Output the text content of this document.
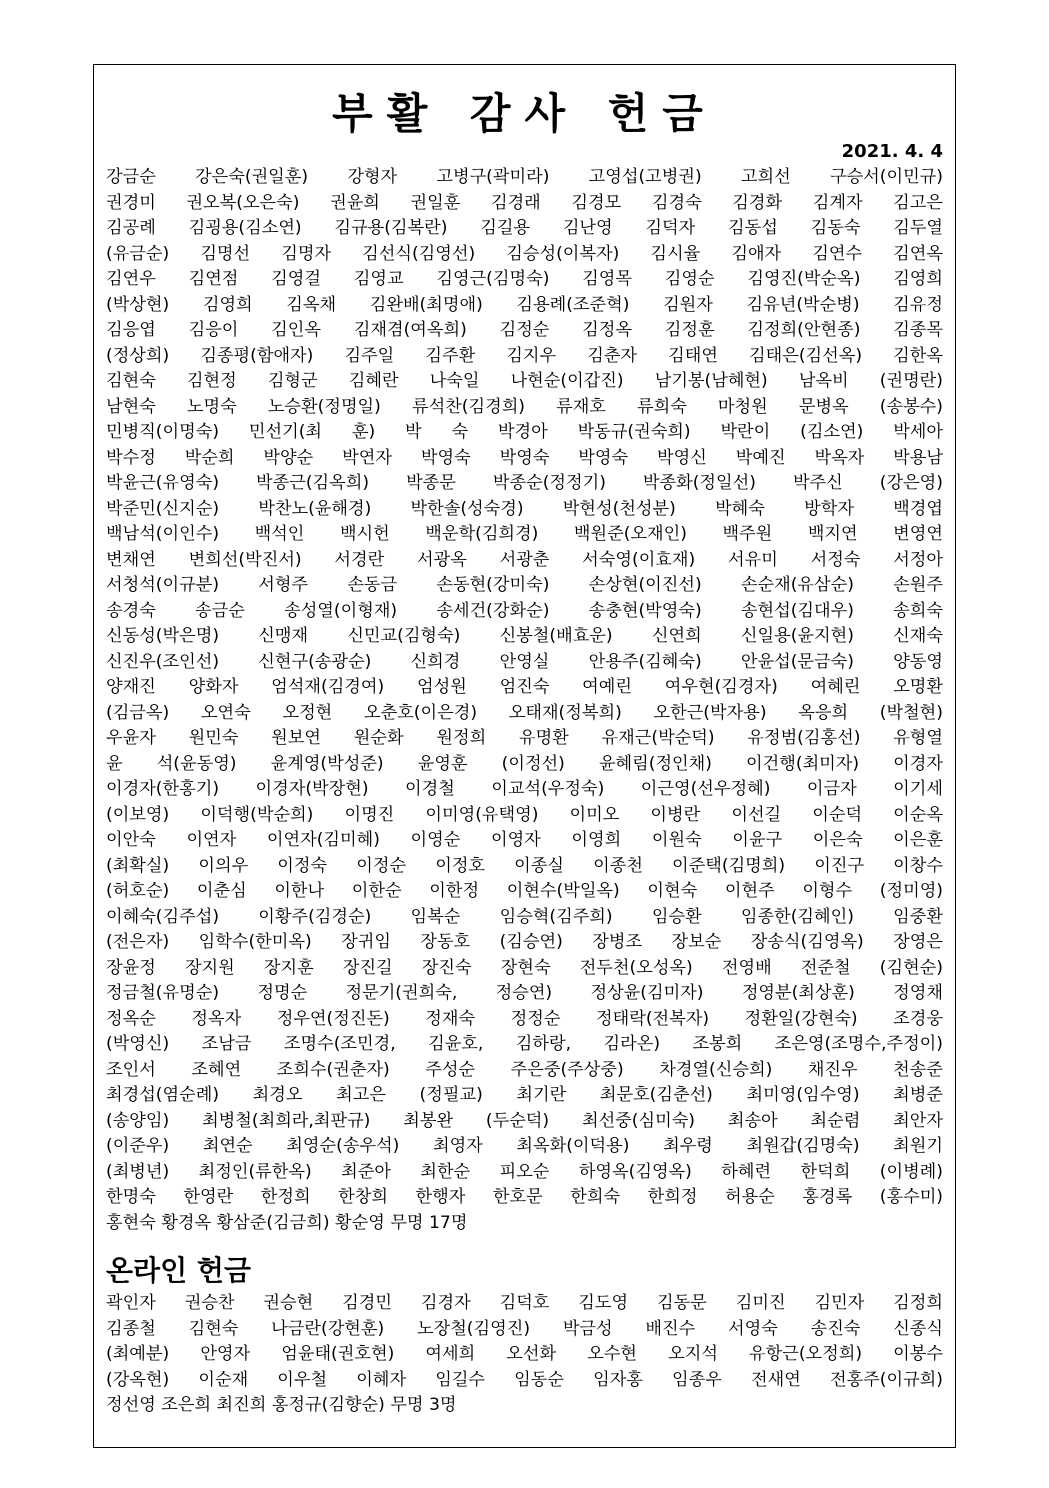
부활 감사 헌금
2021. 4. 4
강금순 강은숙(권일훈) 강형자 고병구(곽미라) 고영섭(고병권) 고희선 구승서(이민규)
권경미 권오복(오은숙) 권윤희 권일훈 김경래 김경모 김경숙 김경화 김계자 김고은
김공례 김굉용(김소연) 김규용(김복란) 김길용 김난영 김덕자 김동섭 김동숙 김두열
(유금순) 김명선 김명자 김선식(김영선) 김승성(이복자) 김시율 김애자 김연수 김연옥
김연우 김연점 김영걸 김영교 김영근(김명숙) 김영목 김영순 김영진(박순옥) 김영희
(박상현) 김영희 김옥채 김완배(최명애) 김용례(조준혁) 김원자 김유년(박순병) 김유정
김응엽 김응이 김인옥 김재겸(여옥희) 김정순 김정옥 김정훈 김정희(안현종) 김종목
(정상희) 김종평(함애자) 김주일 김주환 김지우 김춘자 김태연 김태은(김선옥) 김한옥
김현숙 김현정 김형군 김혜란 나숙일 나현순(이갑진) 남기봉(남혜현) 남옥비 (권명란)
남현숙 노명숙 노승환(정명일) 류석찬(김경희) 류재호 류희숙 마청원 문병옥 (송봉수)
민병직(이명숙) 민선기(최 훈) 박 숙 박경아 박동규(권숙희) 박란이 (김소연) 박세아
박수정 박순희 박양순 박연자 박영숙 박영숙 박영숙 박영신 박예진 박옥자 박용남
박윤근(유영숙) 박종근(김옥희) 박종문 박종순(정정기) 박종화(정일선) 박주신 (강은영)
박준민(신지순) 박찬노(윤해경) 박한솔(성숙경) 박현성(천성분) 박혜숙 방학자 백경엽
백남석(이인수) 백석인 백시헌 백운학(김희경) 백원준(오재인) 백주원 백지연 변영연
변채연 변희선(박진서) 서경란 서광옥 서광춘 서숙영(이효재) 서유미 서정숙 서정아
서청석(이규분) 서형주 손동금 손동현(강미숙) 손상현(이진선) 손순재(유삼순) 손원주
송경숙 송금순 송성열(이형재) 송세건(강화순) 송충현(박영숙) 송현섭(김대우) 송희숙
신동성(박은명) 신맹재 신민교(김형숙) 신봉철(배효운) 신연희 신일용(윤지현) 신재숙
신진우(조인선) 신현구(송광순) 신희경 안영실 안용주(김혜숙) 안윤섭(문금숙) 양동영
양재진 양화자 엄석재(김경여) 엄성원 엄진숙 여예린 여우현(김경자) 여혜린 오명환
(김금옥) 오연숙 오정현 오춘호(이은경) 오태재(정복희) 오한근(박자용) 옥응희 (박철현)
우윤자 원민숙 원보연 원순화 원정희 유명환 유재근(박순덕) 유정범(김홍선) 유형열
윤 석(윤동영) 윤계영(박성준) 윤영훈 (이정선) 윤혜림(정인채) 이건행(최미자) 이경자
이경자(한홍기) 이경자(박장현) 이경철 이교석(우정숙) 이근영(선우정혜) 이금자 이기세
(이보영) 이덕행(박순희) 이명진 이미영(유택영) 이미오 이병란 이선길 이순덕 이순옥
이안숙 이연자 이연자(김미혜) 이영순 이영자 이영희 이원숙 이윤구 이은숙 이은훈
(최확실) 이의우 이정숙 이정순 이정호 이종실 이종천 이준택(김명희) 이진구 이창수
(허호순) 이춘심 이한나 이한순 이한정 이현수(박일옥) 이현숙 이현주 이형수 (정미영)
이혜숙(김주섭) 이황주(김경순) 임복순 임승혁(김주희) 임승환 임종한(김혜인) 임중환
(전은자) 임학수(한미옥) 장귀임 장동호 (김승연) 장병조 장보순 장송식(김영옥) 장영은
장윤정 장지원 장지훈 장진길 장진숙 장현숙 전두천(오성옥) 전영배 전준철 (김현순)
정금철(유명순) 정명순 정문기(권희숙, 정승연) 정상윤(김미자) 정영분(최상훈) 정영채
정옥순 정옥자 정우연(정진돈) 정재숙 정정순 정태락(전복자) 정환일(강현숙) 조경웅
(박영신) 조남금 조명수(조민경, 김윤호, 김하랑, 김라온) 조봉희 조은영(조명수,주정이)
조인서 조혜연 조희수(권춘자) 주성순 주은중(주상중) 차경열(신승희) 채진우 천송준
최경섭(염순례) 최경오 최고은 (정필교) 최기란 최문호(김춘선) 최미영(임수영) 최병준
(송양임) 최병철(최희라,최판규) 최봉완 (두순덕) 최선중(심미숙) 최송아 최순렴 최안자
(이준우) 최연순 최영순(송우석) 최영자 최옥화(이덕용) 최우령 최원갑(김명숙) 최원기
(최병년) 최정인(류한옥) 최준아 최한순 피오순 하영옥(김영옥) 하혜련 한덕희 (이병례)
한명숙 한영란 한정희 한창희 한행자 한호문 한희숙 한희정 허용순 홍경록 (홍수미)
홍현숙 황경옥 황삼준(김금희) 황순영 무명 17명
온라인 헌금
곽인자 권승찬 권승현 김경민 김경자 김덕호 김도영 김동문 김미진 김민자 김정희
김종철 김현숙 나금란(강현훈) 노장철(김영진) 박금성 배진수 서영숙 송진숙 신종식
(최예분) 안영자 엄윤태(권호현) 여세희 오선화 오수현 오지석 유항근(오정희) 이봉수
(강옥현) 이순재 이우철 이혜자 임길수 임동순 임자홍 임종우 전새연 전홍주(이규희)
정선영 조은희 최진희 홍정규(김향순) 무명 3명
